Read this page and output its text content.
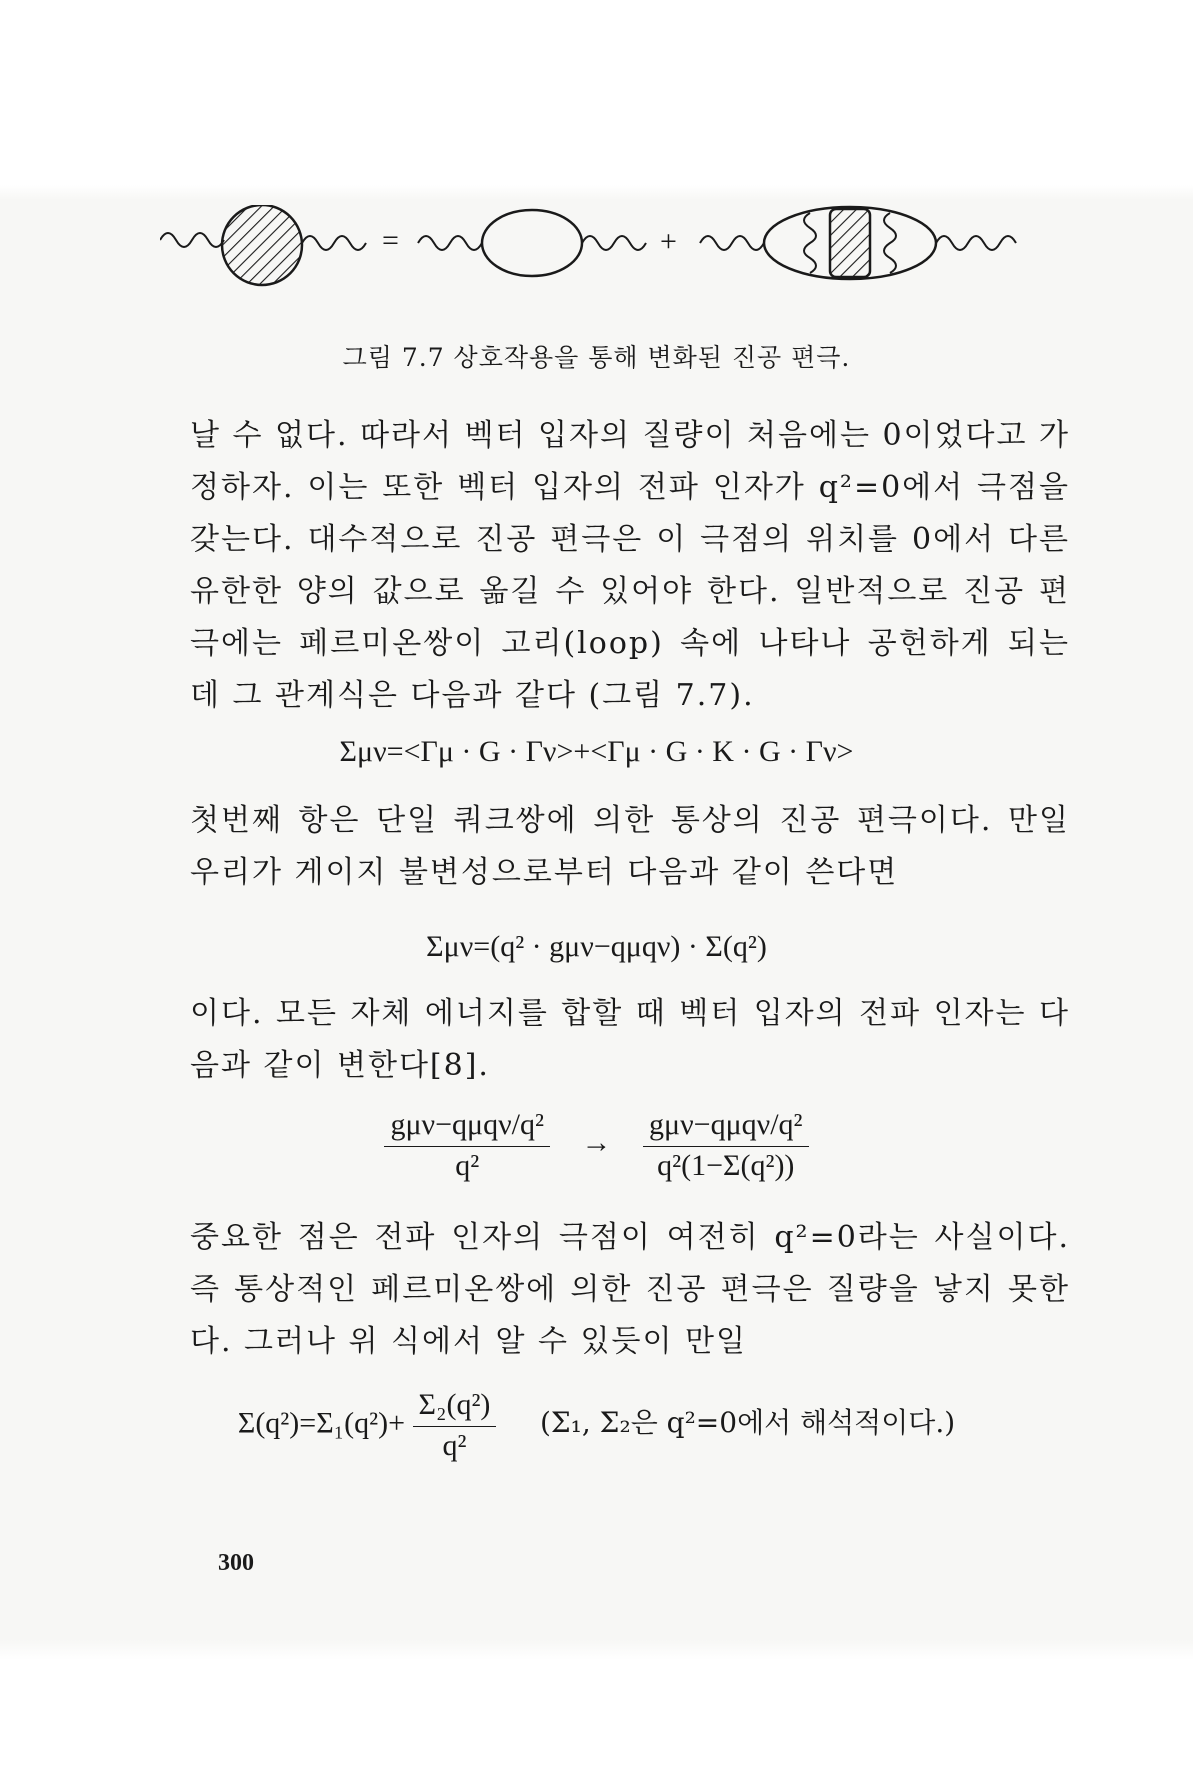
=	+
그림 7.7 상호작용을 통해 변화된 진공 편극.
날 수 없다. 따라서 벡터 입자의 질량이 처음에는 0이었다고 가정하자. 이는 또한 벡터 입자의 전파 인자가 q²=0에서 극점을 갖는다. 대수적으로 진공 편극은 이 극점의 위치를 0에서 다른 유한한 양의 값으로 옮길 수 있어야 한다. 일반적으로 진공 편극에는 페르미온쌍이 고리(loop) 속에 나타나 공헌하게 되는데 그 관계식은 다음과 같다 (그림 7.7).
Σμν=<Γμ · G · Γν>+<Γμ · G · K · G · Γν>
첫번째 항은 단일 쿼크쌍에 의한 통상의 진공 편극이다. 만일 우리가 게이지 불변성으로부터 다음과 같이 쓴다면
Σμν=(q² · gμν−qμqν) · Σ(q²)
이다. 모든 자체 에너지를 합할 때 벡터 입자의 전파 인자는 다음과 같이 변한다[8].
$\frac{\text{gμν−qμqν/q²}}{\text{q²}} \to \frac{\text{gμν−qμqν/q²}}{\text{q²(1−Σ(q²))}}$
중요한 점은 전파 인자의 극점이 여전히 q²=0라는 사실이다. 즉 통상적인 페르미온쌍에 의한 진공 편극은 질량을 낳지 못한다. 그러나 위 식에서 알 수 있듯이 만일
$\Sigma(q^2)=\Sigma_1(q^2)+ \frac{\text{Σ₂(q²)}}{\text{q²}} (\Sigma_1$, Σ₂은 q²=0에서 해석적이다.)
300
